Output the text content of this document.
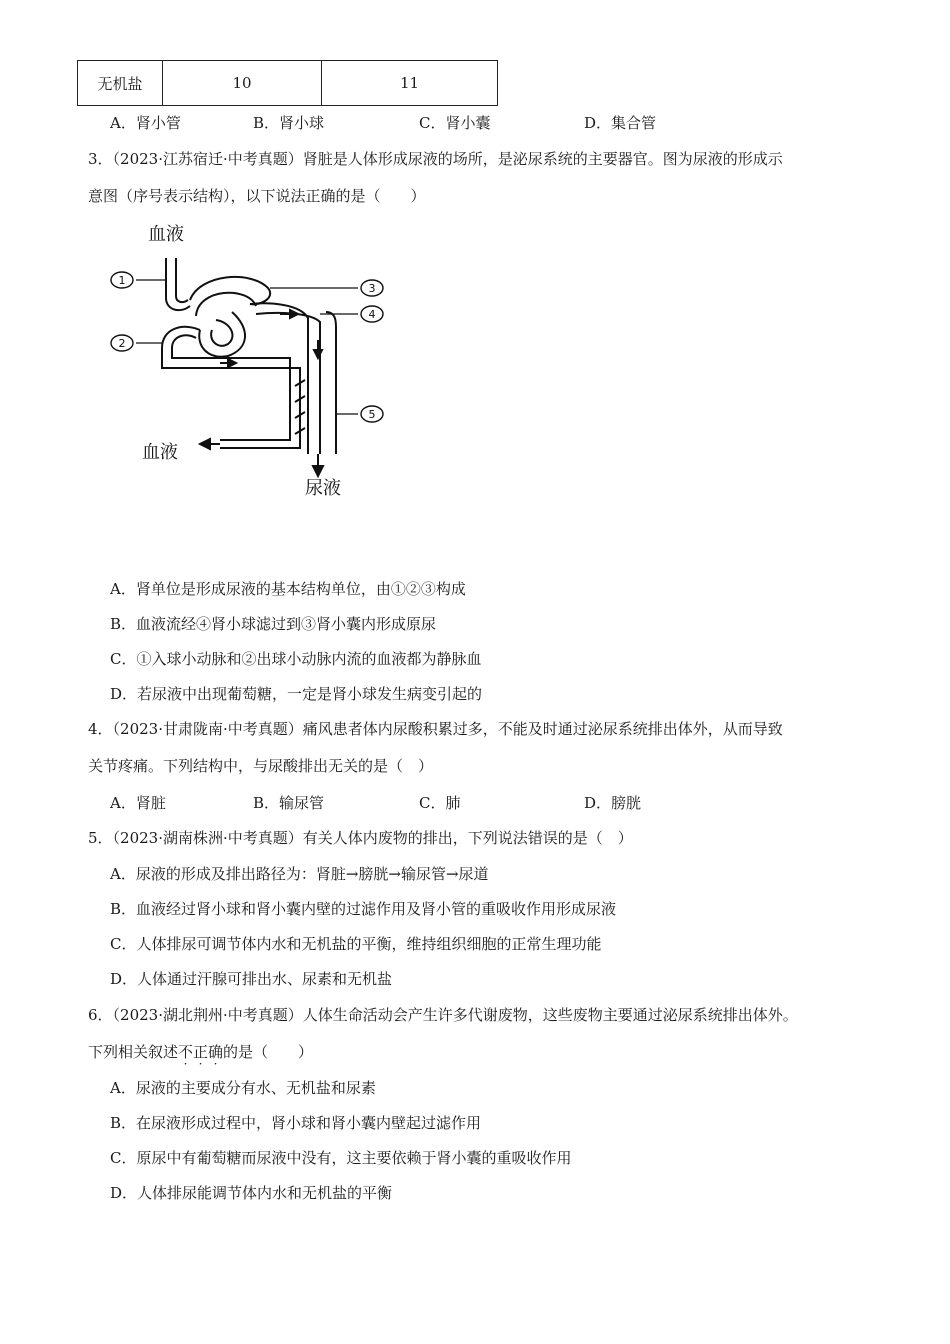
无机盐	10	11
A．肾小管	B．肾小球	C．肾小囊	D．集合管
3．（2023·江苏宿迁·中考真题）肾脏是人体形成尿液的场所，是泌尿系统的主要器官。图为尿液的形成示
意图（序号表示结构），以下说法正确的是（　　）
1
2
3
4
5
血液
血液
尿液
A．肾单位是形成尿液的基本结构单位，由①②③构成
B．血液流经④肾小球滤过到③肾小囊内形成原尿
C．①入球小动脉和②出球小动脉内流的血液都为静脉血
D．若尿液中出现葡萄糖，一定是肾小球发生病变引起的
4．（2023·甘肃陇南·中考真题）痛风患者体内尿酸积累过多，不能及时通过泌尿系统排出体外，从而导致
关节疼痛。下列结构中，与尿酸排出无关的是（　）
A．肾脏	B．输尿管	C．肺	D．膀胱
5．（2023·湖南株洲·中考真题）有关人体内废物的排出，下列说法错误的是（　）
A．尿液的形成及排出路径为：肾脏→膀胱→输尿管→尿道
B．血液经过肾小球和肾小囊内壁的过滤作用及肾小管的重吸收作用形成尿液
C．人体排尿可调节体内水和无机盐的平衡，维持组织细胞的正常生理功能
D．人体通过汗腺可排出水、尿素和无机盐
6．（2023·湖北荆州·中考真题）人体生命活动会产生许多代谢废物，这些废物主要通过泌尿系统排出体外。
下列相关叙述不正确
· · ·
的是（　　）
A．尿液的主要成分有水、无机盐和尿素
B．在尿液形成过程中，肾小球和肾小囊内壁起过滤作用
C．原尿中有葡萄糖而尿液中没有，这主要依赖于肾小囊的重吸收作用
D．人体排尿能调节体内水和无机盐的平衡
